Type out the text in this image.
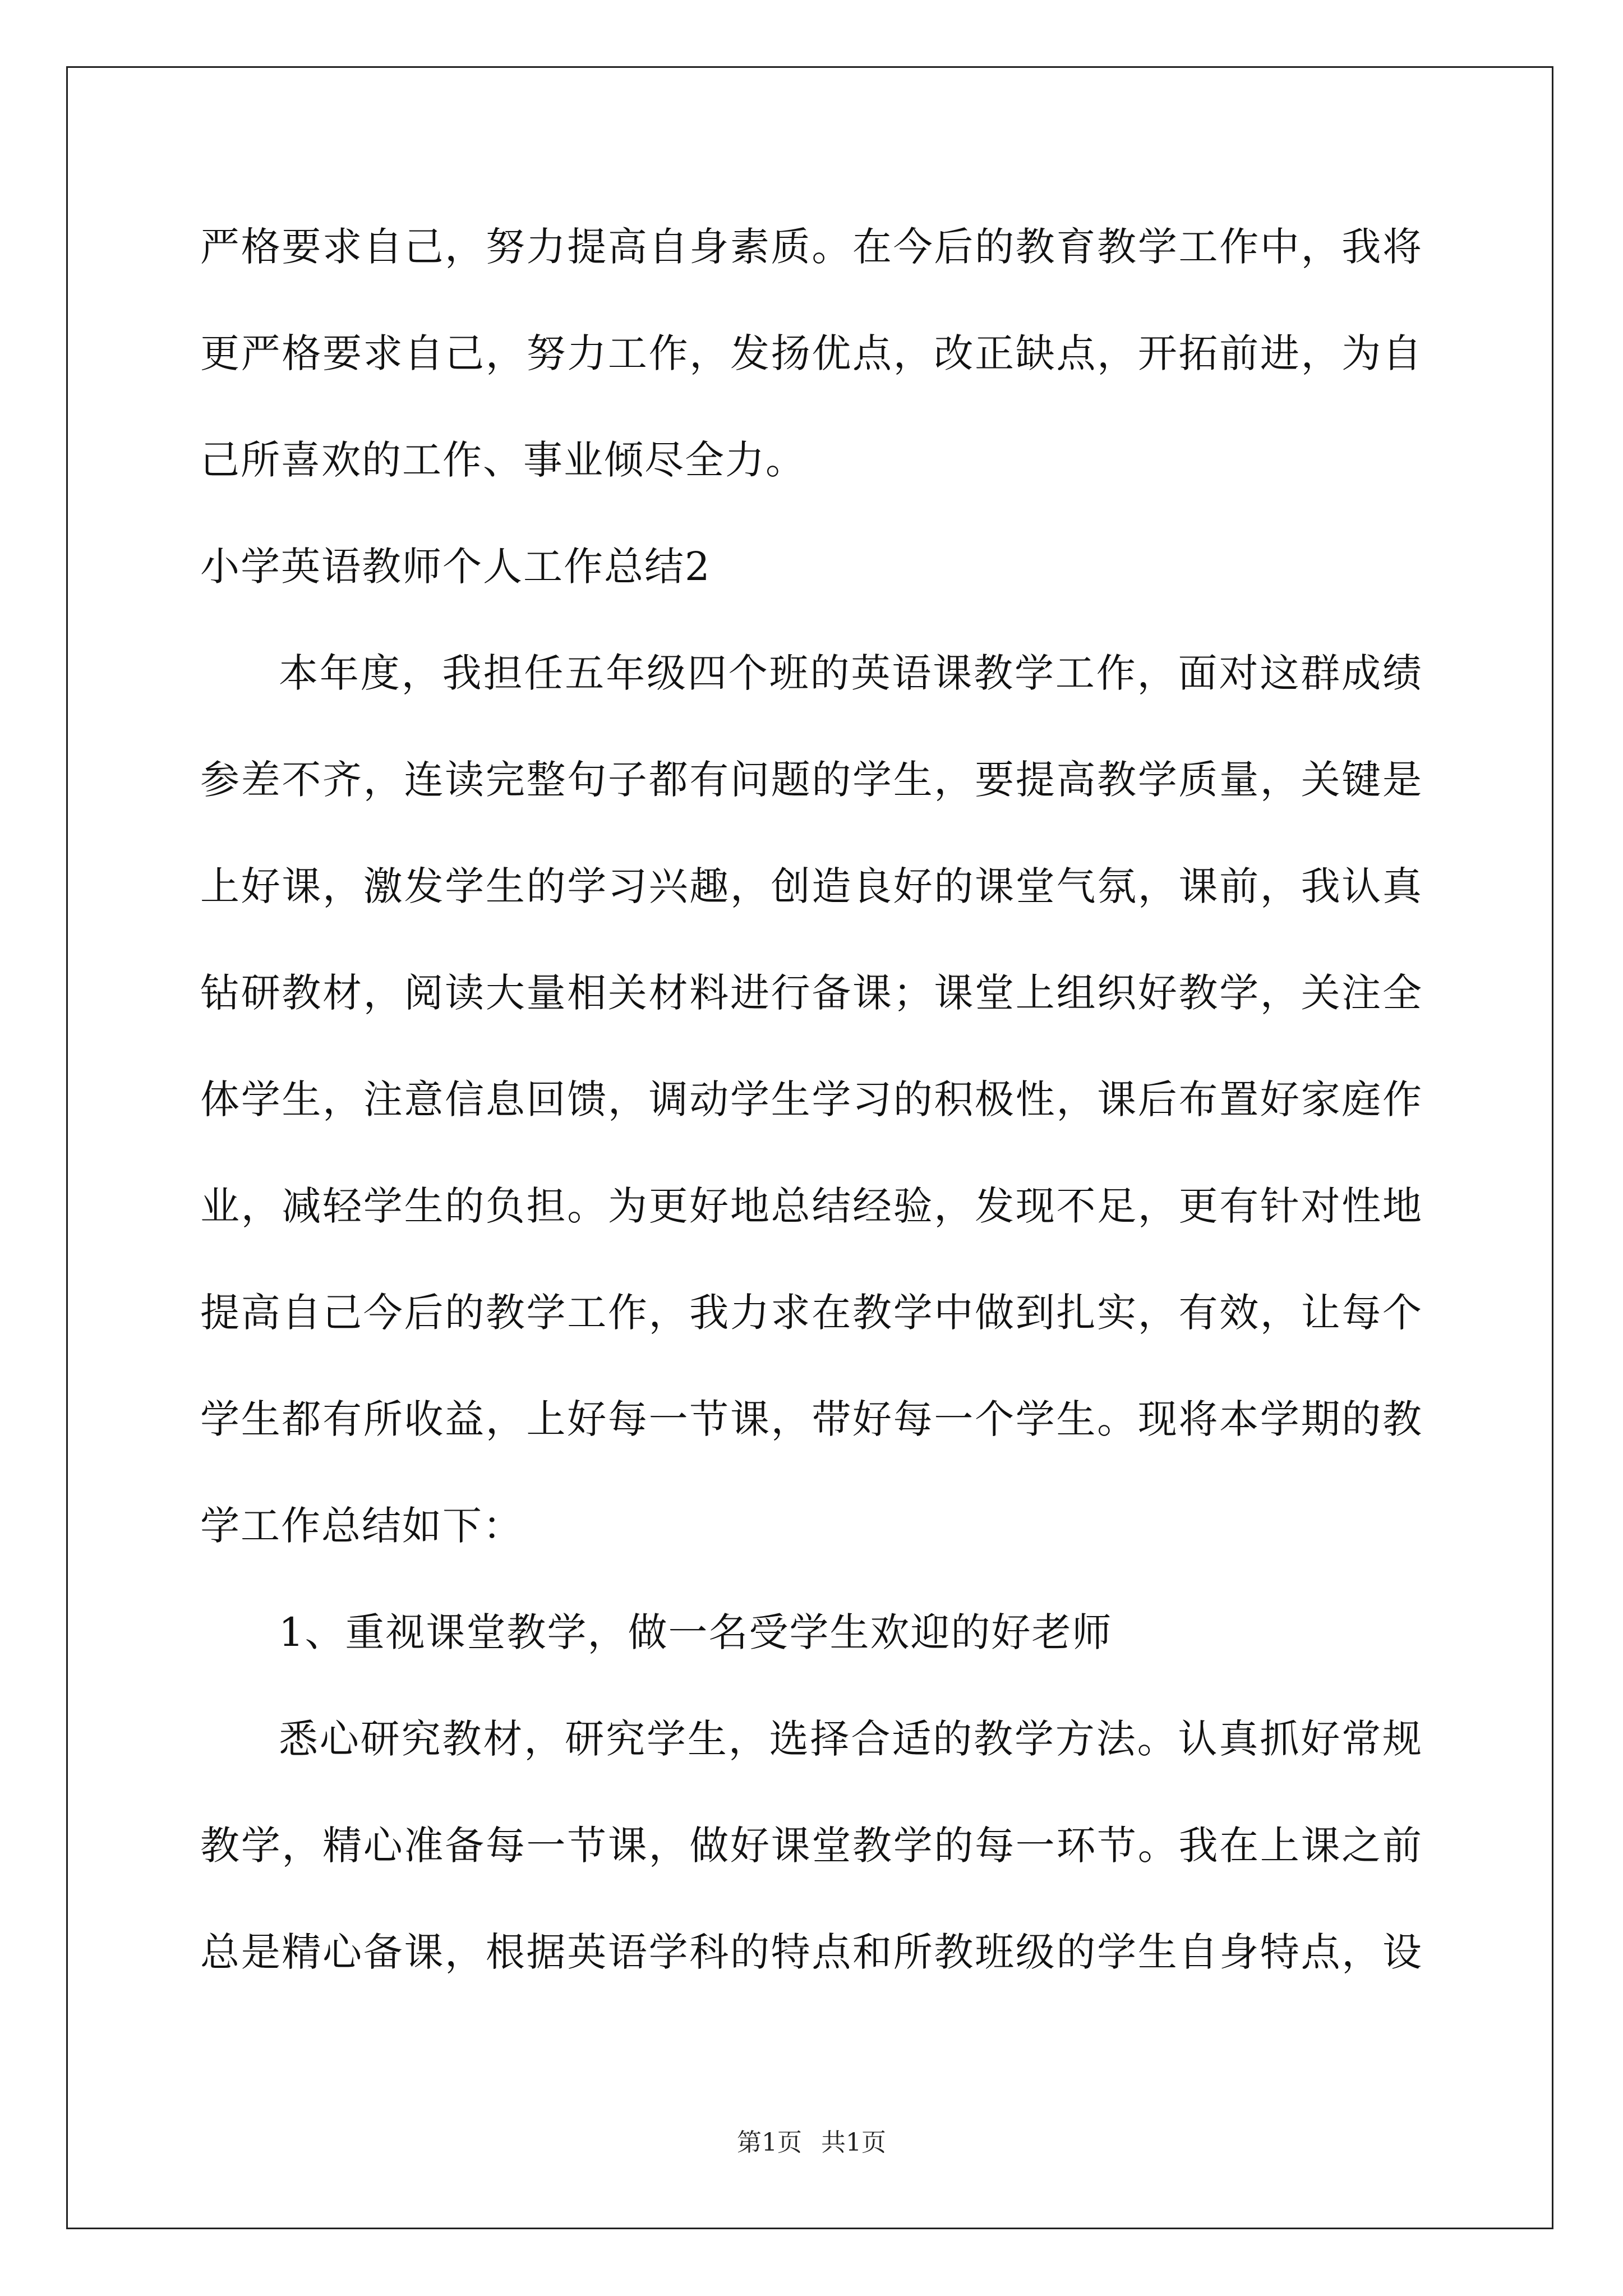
严格要求自己，努力提高自身素质。在今后的教育教学工作中，我将
更严格要求自己，努力工作，发扬优点，改正缺点，开拓前进，为自
己所喜欢的工作、事业倾尽全力。
小学英语教师个人工作总结2
本年度，我担任五年级四个班的英语课教学工作，面对这群成绩
参差不齐，连读完整句子都有问题的学生，要提高教学质量，关键是
上好课，激发学生的学习兴趣，创造良好的课堂气氛，课前，我认真
钻研教材，阅读大量相关材料进行备课；课堂上组织好教学，关注全
体学生，注意信息回馈，调动学生学习的积极性，课后布置好家庭作
业，减轻学生的负担。为更好地总结经验，发现不足，更有针对性地
提高自己今后的教学工作，我力求在教学中做到扎实，有效，让每个
学生都有所收益，上好每一节课，带好每一个学生。现将本学期的教
学工作总结如下：
1、重视课堂教学，做一名受学生欢迎的好老师
悉心研究教材，研究学生，选择合适的教学方法。认真抓好常规
教学，精心准备每一节课，做好课堂教学的每一环节。我在上课之前
总是精心备课，根据英语学科的特点和所教班级的学生自身特点，设
第1页 共1页
